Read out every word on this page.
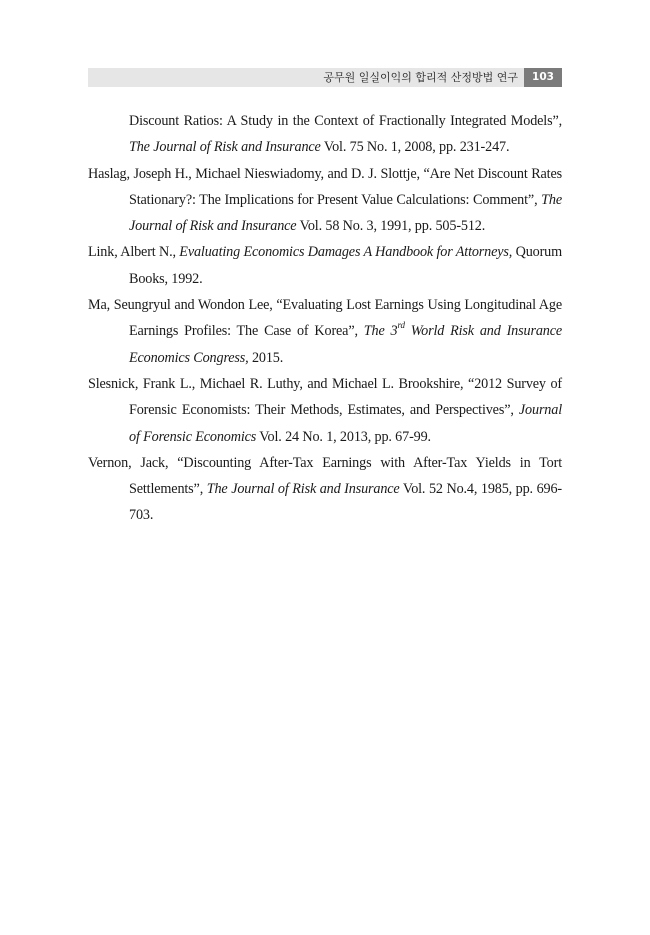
공무원 일실이익의 합리적 산정방법 연구	103

Discount Ratios: A Study in the Context of Fractionally Integrated Models”, The Journal of Risk and Insurance Vol. 75 No. 1, 2008, pp. 231-247.

Haslag, Joseph H., Michael Nieswiadomy, and D. J. Slottje, “Are Net Discount Rates Stationary?: The Implications for Present Value Calculations: Comment”, The Journal of Risk and Insurance Vol. 58 No. 3, 1991, pp. 505-512.

Link, Albert N., Evaluating Economics Damages A Handbook for Attorneys, Quorum Books, 1992.

Ma, Seungryul and Wondon Lee, “Evaluating Lost Earnings Using Longitudinal Age Earnings Profiles: The Case of Korea”, The 3rd World Risk and Insurance Economics Congress, 2015.

Slesnick, Frank L., Michael R. Luthy, and Michael L. Brookshire, “2012 Survey of Forensic Economists: Their Methods, Estimates, and Perspectives”, Journal of Forensic Economics Vol. 24 No. 1, 2013, pp. 67-99.

Vernon, Jack, “Discounting After-Tax Earnings with After-Tax Yields in Tort Settlements”, The Journal of Risk and Insurance Vol. 52 No.4, 1985, pp. 696-703.
